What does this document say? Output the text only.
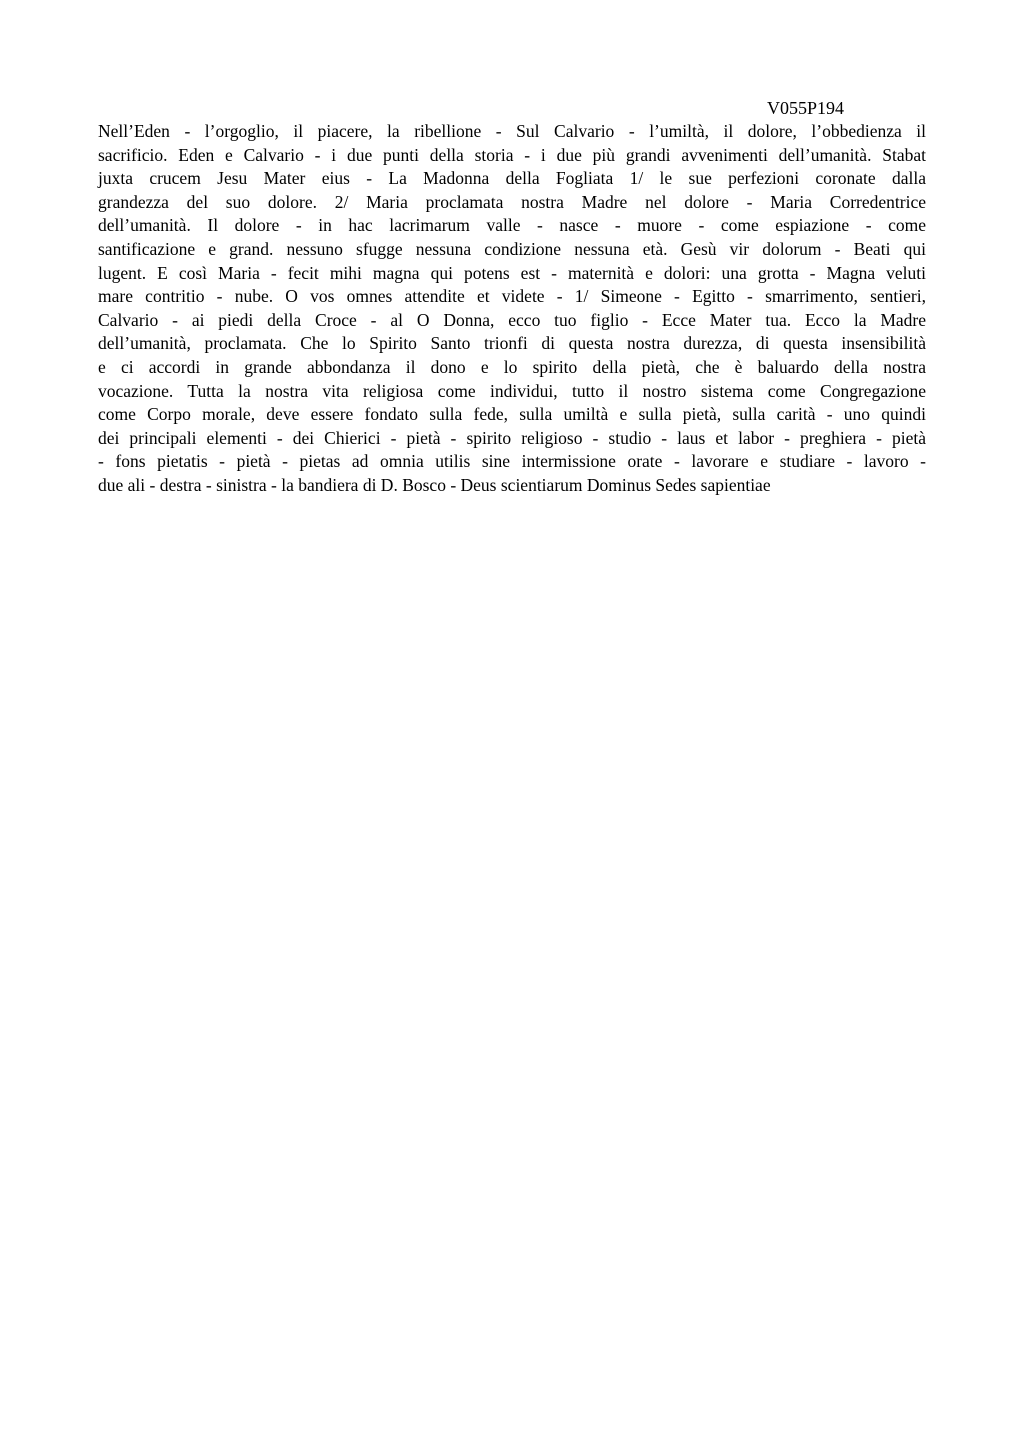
V055P194
Nell’Eden - l’orgoglio, il piacere, la ribellione - Sul Calvario - l’umiltà, il dolore, l’obbedienza il
sacrificio. Eden e Calvario - i due punti della storia - i due più grandi avvenimenti dell’umanità. Stabat
juxta crucem Jesu Mater eius - La Madonna della Fogliata 1/ le sue perfezioni coronate dalla
grandezza del suo dolore. 2/ Maria proclamata nostra Madre nel dolore - Maria Corredentrice
dell’umanità. Il dolore - in hac lacrimarum valle - nasce - muore - come espiazione - come
santificazione e grand. nessuno sfugge nessuna condizione nessuna età. Gesù vir dolorum - Beati qui
lugent. E così Maria - fecit mihi magna qui potens est - maternità e dolori: una grotta - Magna veluti
mare contritio - nube. O vos omnes attendite et videte - 1/ Simeone - Egitto - smarrimento, sentieri,
Calvario - ai piedi della Croce - al O Donna, ecco tuo figlio - Ecce Mater tua. Ecco la Madre
dell’umanità, proclamata. Che lo Spirito Santo trionfi di questa nostra durezza, di questa insensibilità
e ci accordi in grande abbondanza il dono e lo spirito della pietà, che è baluardo della nostra
vocazione. Tutta la nostra vita religiosa come individui, tutto il nostro sistema come Congregazione
come Corpo morale, deve essere fondato sulla fede, sulla umiltà e sulla pietà, sulla carità - uno quindi
dei principali elementi - dei Chierici - pietà - spirito religioso - studio - laus et labor - preghiera - pietà
- fons pietatis - pietà - pietas ad omnia utilis sine intermissione orate - lavorare e studiare - lavoro -
due ali - destra - sinistra - la bandiera di D. Bosco - Deus scientiarum Dominus Sedes sapientiae
